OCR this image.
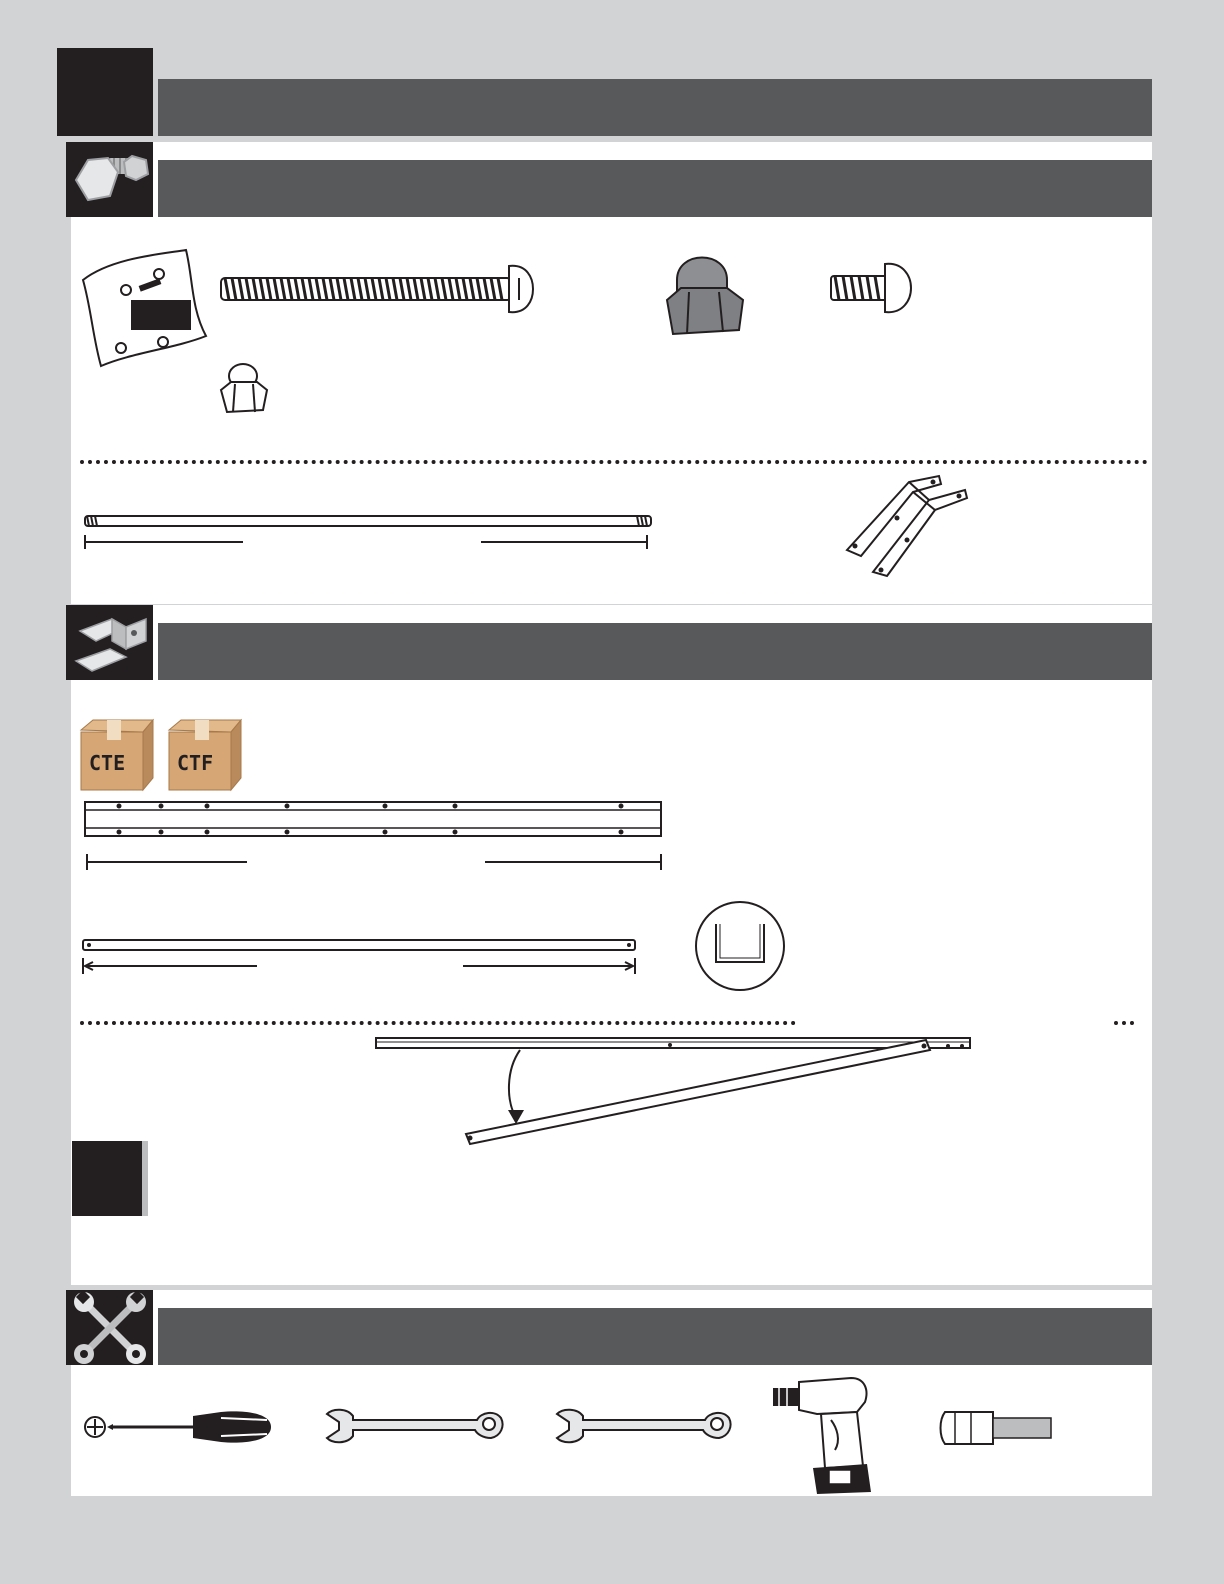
CTE	CTF
